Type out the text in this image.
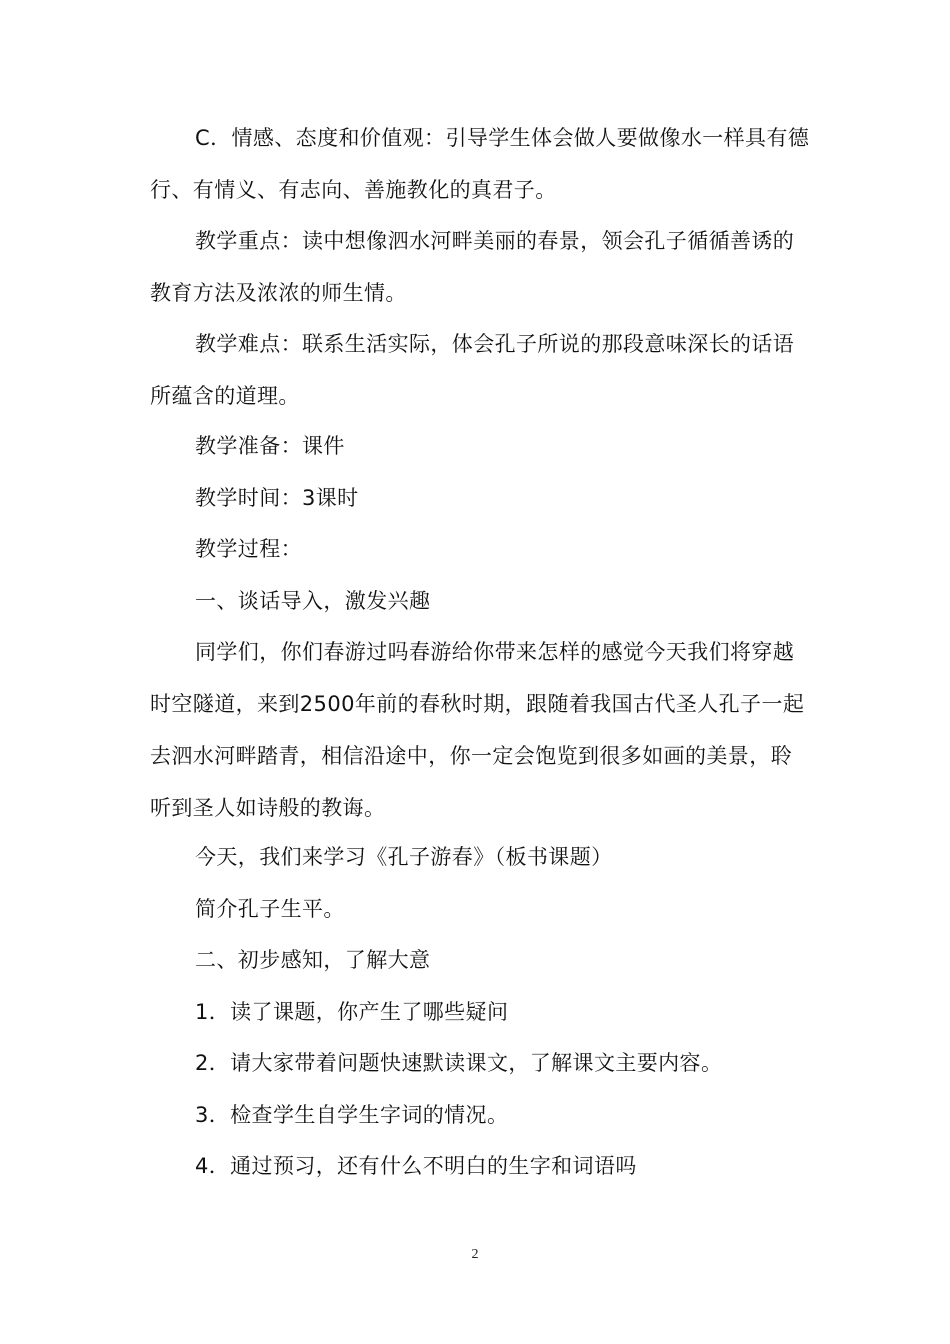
C．情感、态度和价值观：引导学生体会做人要做像水一样具有德行、有情义、有志向、善施教化的真君子。

教学重点：读中想像泗水河畔美丽的春景，领会孔子循循善诱的教育方法及浓浓的师生情。

教学难点：联系生活实际，体会孔子所说的那段意味深长的话语所蕴含的道理。

教学准备：课件

教学时间：3课时

教学过程：

一、谈话导入，激发兴趣

同学们，你们春游过吗春游给你带来怎样的感觉今天我们将穿越时空隧道，来到2500年前的春秋时期，跟随着我国古代圣人孔子一起去泗水河畔踏青，相信沿途中，你一定会饱览到很多如画的美景，聆听到圣人如诗般的教诲。

今天，我们来学习《孔子游春》（板书课题）

简介孔子生平。

二、初步感知，了解大意

1．读了课题，你产生了哪些疑问

2．请大家带着问题快速默读课文，了解课文主要内容。

3．检查学生自学生字词的情况。

4．通过预习，还有什么不明白的生字和词语吗

2
